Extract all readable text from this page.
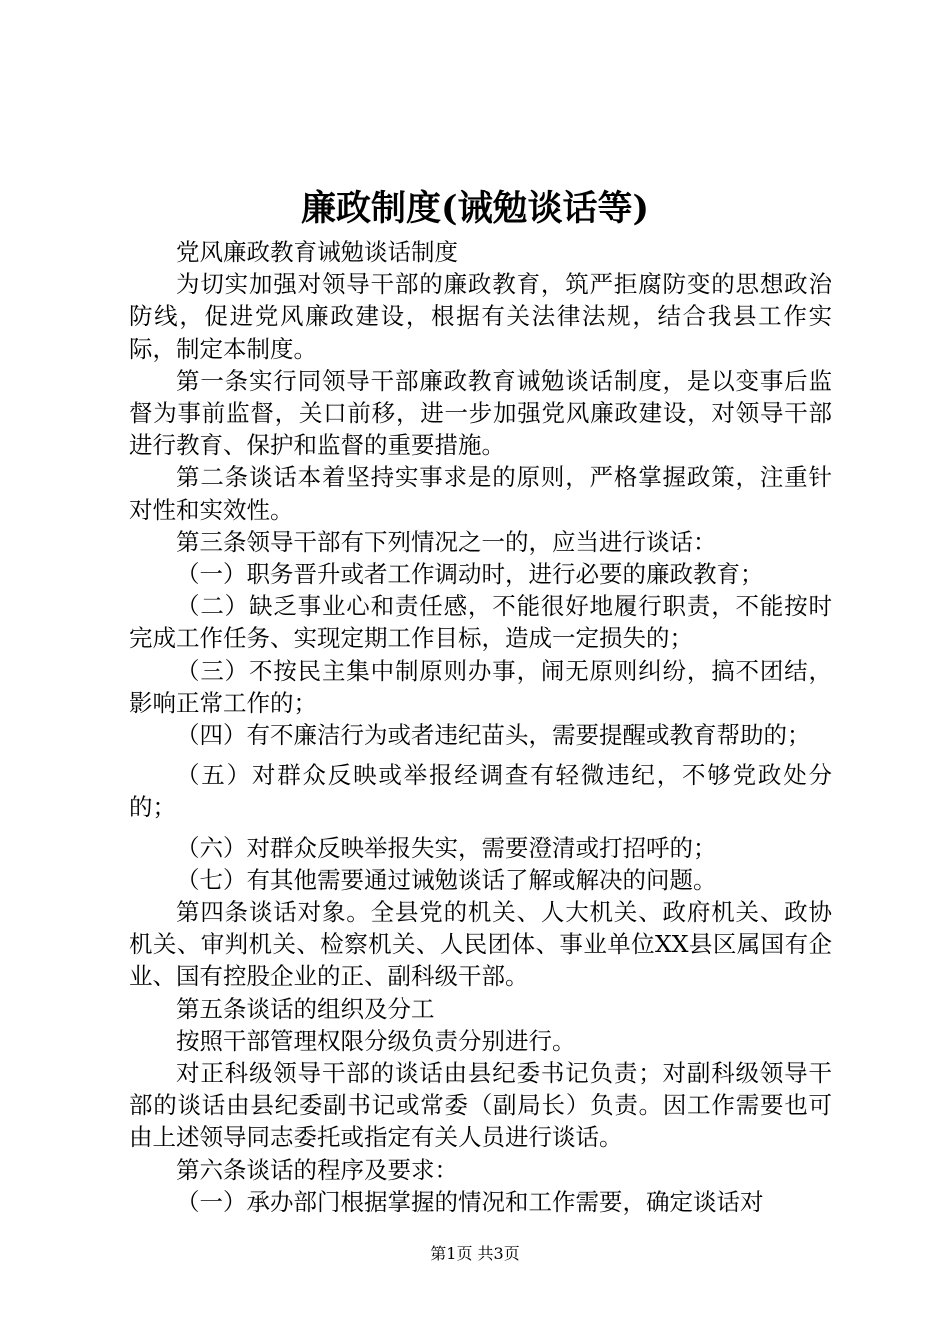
廉政制度(诫勉谈话等)

党风廉政教育诫勉谈话制度

为切实加强对领导干部的廉政教育，筑严拒腐防变的思想政治防线，促进党风廉政建设，根据有关法律法规，结合我县工作实际，制定本制度。

第一条实行同领导干部廉政教育诫勉谈话制度，是以变事后监督为事前监督，关口前移，进一步加强党风廉政建设，对领导干部进行教育、保护和监督的重要措施。

第二条谈话本着坚持实事求是的原则，严格掌握政策，注重针对性和实效性。

第三条领导干部有下列情况之一的，应当进行谈话：

（一）职务晋升或者工作调动时，进行必要的廉政教育；

（二）缺乏事业心和责任感，不能很好地履行职责，不能按时完成工作任务、实现定期工作目标，造成一定损失的；

（三）不按民主集中制原则办事，闹无原则纠纷，搞不团结，影响正常工作的；

（四）有不廉洁行为或者违纪苗头，需要提醒或教育帮助的；

（五）对群众反映或举报经调查有轻微违纪，不够党政处分的；

（六）对群众反映举报失实，需要澄清或打招呼的；

（七）有其他需要通过诫勉谈话了解或解决的问题。

第四条谈话对象。全县党的机关、人大机关、政府机关、政协机关、审判机关、检察机关、人民团体、事业单位XX县区属国有企业、国有控股企业的正、副科级干部。

第五条谈话的组织及分工

按照干部管理权限分级负责分别进行。

对正科级领导干部的谈话由县纪委书记负责；对副科级领导干部的谈话由县纪委副书记或常委（副局长）负责。因工作需要也可由上述领导同志委托或指定有关人员进行谈话。

第六条谈话的程序及要求：

（一）承办部门根据掌握的情况和工作需要，确定谈话对

第1页 共3页
